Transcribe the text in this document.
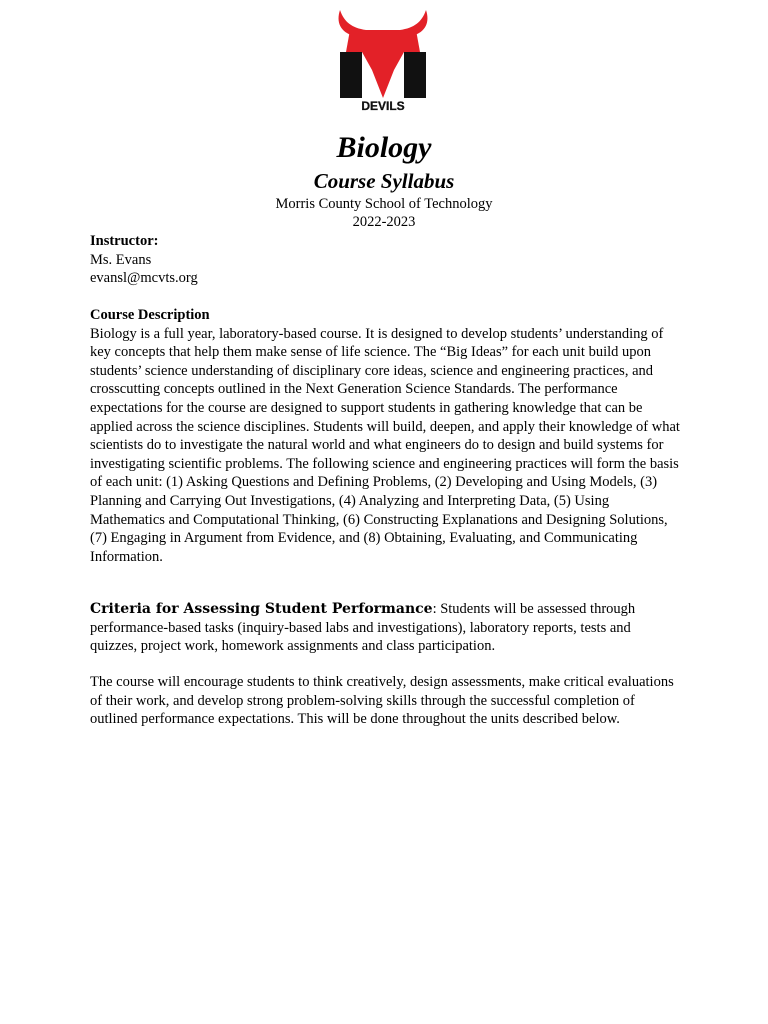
DEVILS
Biology
Course Syllabus
Morris County School of Technology
2022-2023

Instructor:

Ms. Evans

evansl@mcvts.org

Course Description

Biology is a full year, laboratory-based course. It is designed to develop students’ understanding of key concepts that help them make sense of life science. The “Big Ideas” for each unit build upon students’ science understanding of disciplinary core ideas, science and engineering practices, and crosscutting concepts outlined in the Next Generation Science Standards. The performance expectations for the course are designed to support students in gathering knowledge that can be applied across the science disciplines. Students will build, deepen, and apply their knowledge of what scientists do to investigate the natural world and what engineers do to design and build systems for investigating scientific problems. The following science and engineering practices will form the basis of each unit: (1) Asking Questions and Defining Problems, (2) Developing and Using Models, (3) Planning and Carrying Out Investigations, (4) Analyzing and Interpreting Data, (5) Using Mathematics and Computational Thinking, (6) Constructing Explanations and Designing Solutions, (7) Engaging in Argument from Evidence, and (8) Obtaining, Evaluating, and Communicating Information.

Criteria for Assessing Student Performance: Students will be assessed through performance-based tasks (inquiry-based labs and investigations), laboratory reports, tests and quizzes, project work, homework assignments and class participation.

The course will encourage students to think creatively, design assessments, make critical evaluations of their work, and develop strong problem-solving skills through the successful completion of outlined performance expectations. This will be done throughout the units described below.
